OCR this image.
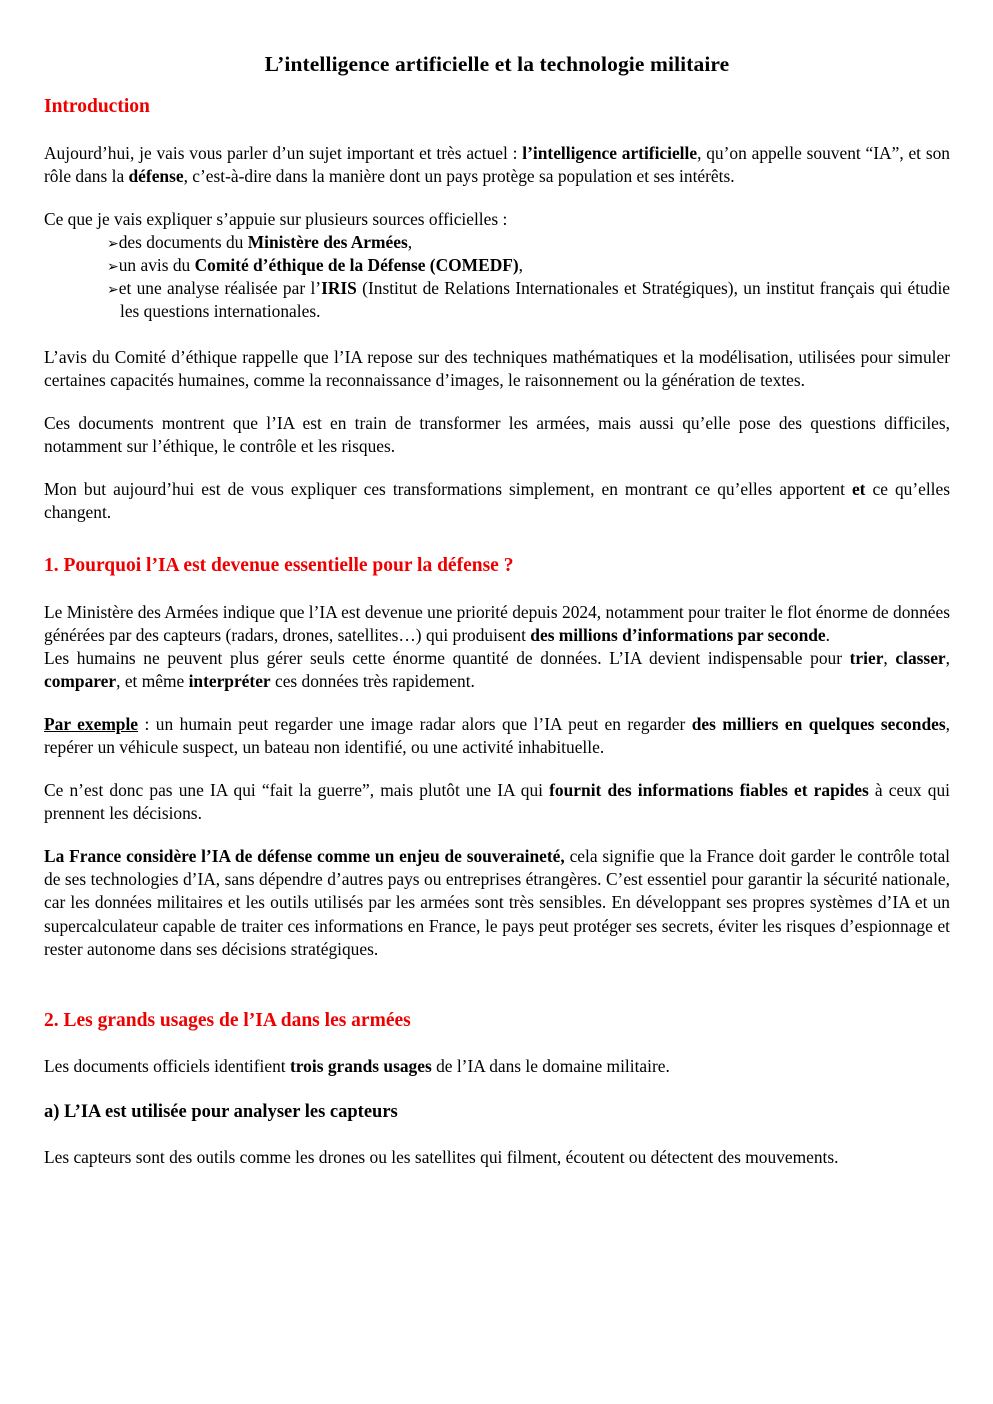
L’intelligence artificielle et la technologie militaire
Introduction

Aujourd’hui, je vais vous parler d’un sujet important et très actuel : l’intelligence artificielle, qu’on appelle souvent “IA”, et son rôle dans la défense, c’est-à-dire dans la manière dont un pays protège sa population et ses intérêts.

Ce que je vais expliquer s’appuie sur plusieurs sources officielles :

➢des documents du Ministère des Armées,
➢un avis du Comité d’éthique de la Défense (COMEDF),
➢et une analyse réalisée par l’IRIS (Institut de Relations Internationales et Stratégiques), un institut français qui étudie les questions internationales.

L’avis du Comité d’éthique rappelle que l’IA repose sur des techniques mathématiques et la modélisation, utilisées pour simuler certaines capacités humaines, comme la reconnaissance d’images, le raisonnement ou la génération de textes.

Ces documents montrent que l’IA est en train de transformer les armées, mais aussi qu’elle pose des questions difficiles, notamment sur l’éthique, le contrôle et les risques.

Mon but aujourd’hui est de vous expliquer ces transformations simplement, en montrant ce qu’elles apportent et ce qu’elles changent.

1. Pourquoi l’IA est devenue essentielle pour la défense ?

Le Ministère des Armées indique que l’IA est devenue une priorité depuis 2024, notamment pour traiter le flot énorme de données générées par des capteurs (radars, drones, satellites…) qui produisent des millions d’informations par seconde.

Les humains ne peuvent plus gérer seuls cette énorme quantité de données. L’IA devient indispensable pour trier, classer, comparer, et même interpréter ces données très rapidement.

Par exemple : un humain peut regarder une image radar alors que l’IA peut en regarder des milliers en quelques secondes, repérer un véhicule suspect, un bateau non identifié, ou une activité inhabituelle.

Ce n’est donc pas une IA qui “fait la guerre”, mais plutôt une IA qui fournit des informations fiables et rapides à ceux qui prennent les décisions.

La France considère l’IA de défense comme un enjeu de souveraineté, cela signifie que la France doit garder le contrôle total de ses technologies d’IA, sans dépendre d’autres pays ou entreprises étrangères. C’est essentiel pour garantir la sécurité nationale, car les données militaires et les outils utilisés par les armées sont très sensibles. En développant ses propres systèmes d’IA et un supercalculateur capable de traiter ces informations en France, le pays peut protéger ses secrets, éviter les risques d’espionnage et rester autonome dans ses décisions stratégiques.

2. Les grands usages de l’IA dans les armées

Les documents officiels identifient trois grands usages de l’IA dans le domaine militaire.

a) L’IA est utilisée pour analyser les capteurs

Les capteurs sont des outils comme les drones ou les satellites qui filment, écoutent ou détectent des mouvements.
